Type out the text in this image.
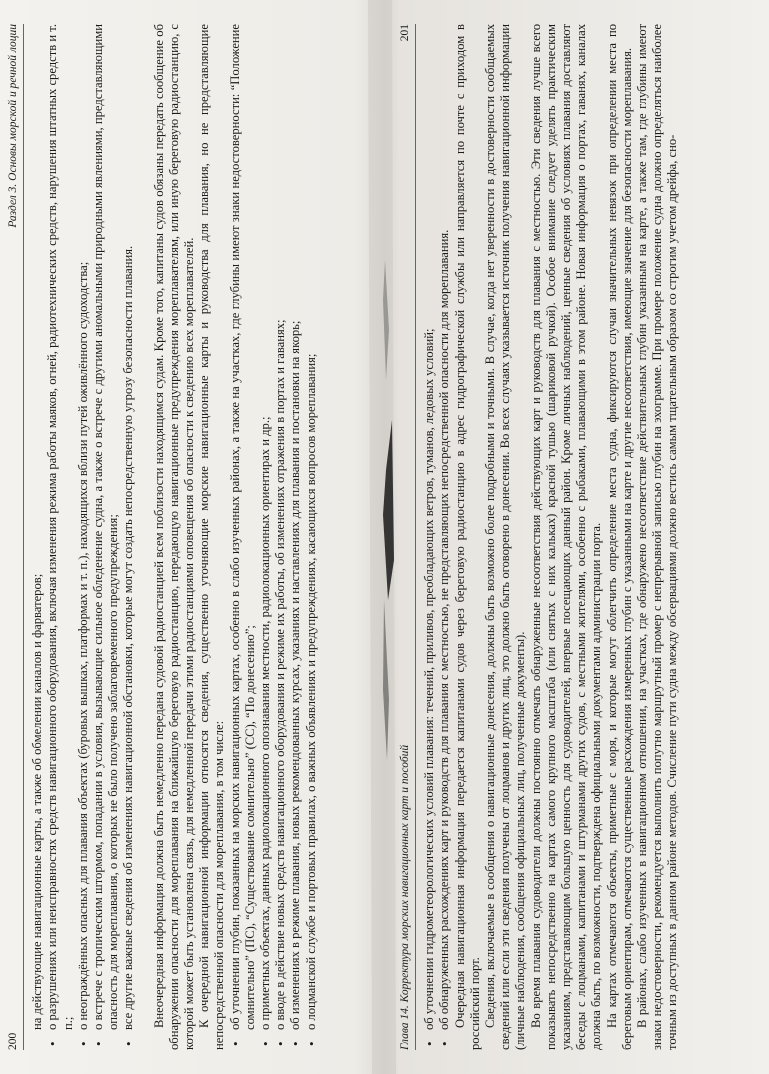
200
Раздел 3. Основы морской и речной лоции

на действующие навигационные карты, а также об обмелении каналов и фарватеров; • о разрушениях или неисправностях средств навигационного оборудования, включая изменения режима работы маяков, огней, радиотехнических средств, нарушения штатных средств и т. п.; • о неограждённых опасных для плавания объектах (буровых вышках, платформах и т. п.), находящихся вблизи путей оживлённого судоходства; • о встрече с тропическим штормом, попадании в условия, вызывающие сильное обледенение судна, а также о встрече с другими аномальными природными явлениями, представляющими опасность для мореплавания, о которых не было получено заблаговременного предупреждения; • все другие важные сведения об изменениях навигационной обстановки, которые могут создать непосредственную угрозу безопасности плавания. Внеочередная информация должна быть немедленно передана судовой радиостанцией всем поблизости находящимся судам. Кроме того, капитаны судов обязаны передать сообщение об обнаружении опасности для мореплавания на ближайшую береговую радиостанцию, передающую навигационные предупреждения мореплавателям, или иную береговую радиостанцию, с которой может быть установлена связь, для немедленной передачи этими радиостанциями оповещения об опасности к сведению всех мореплавателей. К очередной навигационной информации относятся сведения, существенно уточняющие морские навигационные карты и руководства для плавания, но не представляющие непосредственной опасности для мореплавания, в том числе: • об уточнении глубин, показанных на морских навигационных картах, особенно в слабо изученных районах, а также на участках, где глубины имеют знаки недостоверности: “Положение сомнительно” (ПС), “Существование сомнительно” (СС), “По донесению”; • о приметных объектах, данных радиолокационного опознавания местности, радиолокационных ориентирах и др.; • о вводе в действие новых средств навигационного оборудования и режиме их работы, об изменениях отражения в портах и гаванях; • об изменениях в режиме плавания, новых рекомендованных курсах, указаниях и наставлениях для плавания и постановки на якорь; • о лоцманской службе и портовых правилах, о важных объявлениях и предупреждениях, касающихся вопросов мореплавания;	Глава 14. Корректура морских навигационных карт и пособий
201
• об уточнении гидрометеорологических условий плавания: течений, приливов, преобладающих ветров, туманов, ледовых условий; • об обнаруженных расхождениях карт и руководств для плавания с местностью, не представляющих непосредственной опасности для мореплавания. Очередная навигационная информация передается капитанами судов через береговую радиостанцию в адрес гидрографической службы или направляется по почте с приходом в российский порт. Сведения, включаемые в сообщения о навигационные донесения, должны быть возможно более подробными и точными. В случае, когда нет уверенности в достоверности сообщаемых сведений или если эти сведения получены от лоцманов и других лиц, это должно быть оговорено в донесении. Во всех случаях указывается источник получения навигационной информации (личные наблюдения, сообщения официальных лиц, полученные документы). Во время плавания судоводители должны постоянно отмечать обнаруженные несоответствия действующих карт и руководств для плавания с местностью. Эти сведения лучше всего показывать непосредственно на картах самого крупного масштаба (или снятых с них кальках) красной тушью (шариковой ручкой). Особое внимание следует уделять практическим указаниям, представляющим большую ценность для судоводителей, впервые посещающих данный район. Кроме личных наблюдений, ценные сведения об условиях плавания доставляют беседы с лоцманами, капитанами и штурманами других судов, с местными жителями, особенно с рыбаками, плавающими в этом районе. Новая информация о портах, гаванях, каналах должна быть, по возможности, подтверждена официальными документами администрации порта. На картах отмечаются объекты, приметные с моря, и которые могут облегчить определение места судна, фиксируются случаи значительных невязок при определении места по береговым ориентирам, отмечаются существенные расхождения измеренных глубин с указанными на карте и другие несоответствия, имеющие значение для безопасности мореплавания. В районах, слабо изученных в навигационном отношении, на участках, где обнаружено несоответствие действительных глубин указанным на карте, а также там, где глубины имеют знаки недостоверности, рекомендуется выполнить попутно маршрутный промер с непрерывной записью глубин на эхограмме. При промере положение судна должно определяться наиболее точным из доступных в данном районе методов. Счисление пути судна между обсервациями должно вестись самым тщательным образом со строгим учетом дрейфа, сно-
